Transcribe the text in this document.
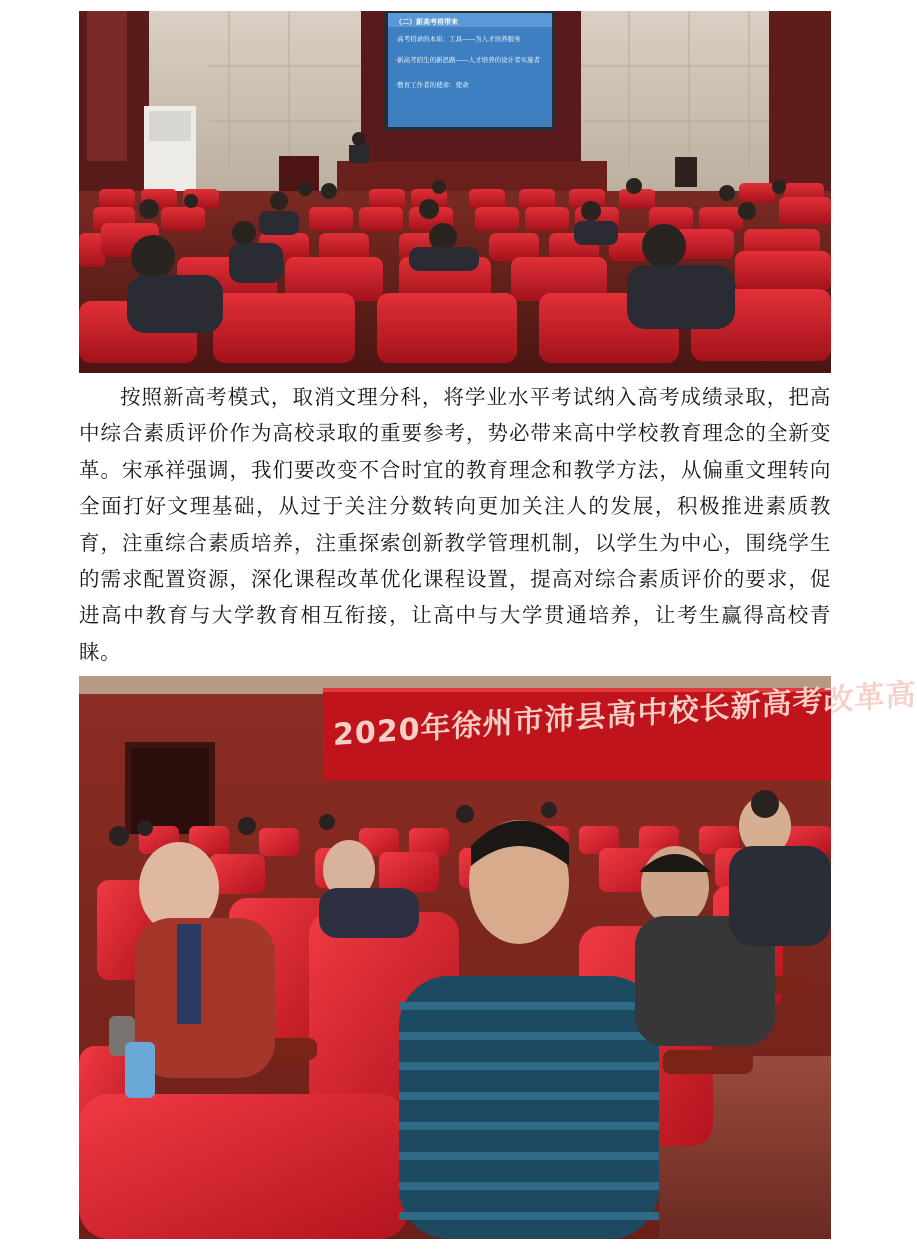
（二）新高考将带来
·高考招录的本质：工具——为人才培养服务
·新高考招生的新思路——人才培养的设计者实施者
·教育工作者的使命：使命

按照新高考模式，取消文理分科，将学业水平考试纳入高考成绩录取，把高中综合素质评价作为高校录取的重要参考，势必带来高中学校教育理念的全新变革。宋承祥强调，我们要改变不合时宜的教育理念和教学方法，从偏重文理转向全面打好文理基础，从过于关注分数转向更加关注人的发展，积极推进素质教育，注重综合素质培养，注重探索创新教学管理机制，以学生为中心，围绕学生的需求配置资源，深化课程改革优化课程设置，提高对综合素质评价的要求，促进高中教育与大学教育相互衔接，让高中与大学贯通培养，让考生赢得高校青睐。

2020年徐州市沛县高中校长新高考改革高
